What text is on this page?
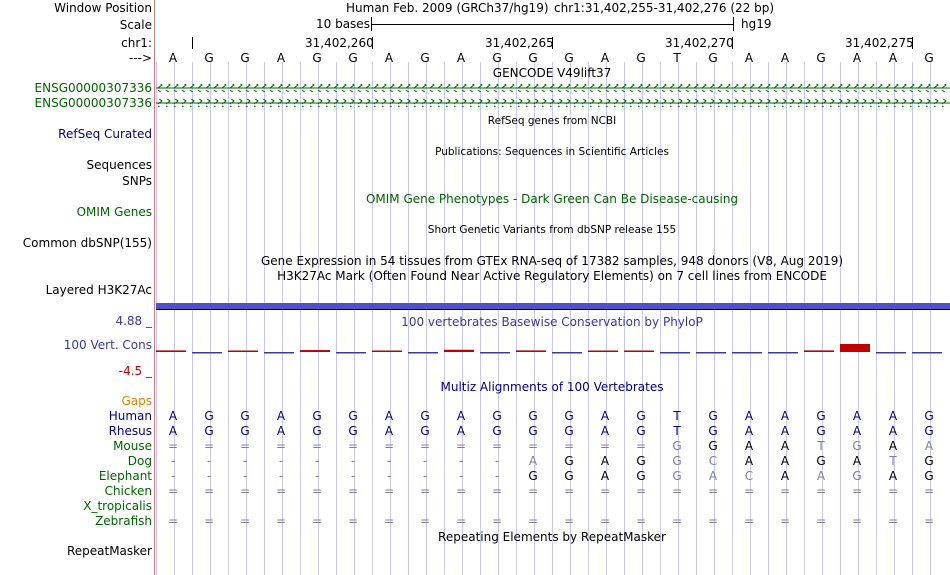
Window Position
Scale
chr1:
--->
ENSG00000307336
ENSG00000307336
RefSeq Curated
Sequences
SNPs
OMIM Genes
Common dbSNP(155)
Layered H3K27Ac
4.88 _
100 Vert. Cons
-4.5 _
Gaps
Human
Rhesus
Mouse
Dog
Elephant
Chicken
X_tropicalis
Zebrafish
RepeatMasker
Human Feb. 2009 (GRCh37/hg19) chr1:31,402,255-31,402,276 (22 bp)
10 bases	hg19
31,402,260	31,402,265	31,402,270	31,402,275
A G G A G G A G A G G G A G T G A A G A A G
GENCODE V49lift37
RefSeq genes from NCBI
Publications: Sequences in Scientific Articles
OMIM Gene Phenotypes - Dark Green Can Be Disease-causing
Short Genetic Variants from dbSNP release 155
Gene Expression in 54 tissues from GTEx RNA-seq of 17382 samples, 948 donors (V8, Aug 2019)
H3K27Ac Mark (Often Found Near Active Regulatory Elements) on 7 cell lines from ENCODE
100 vertebrates Basewise Conservation by PhyloP
Multiz Alignments of 100 Vertebrates
A G G A G G A G A G G G A G T G A A G A A G
A G G A G G A G A G G G A G T G A A G A A G
= = = = = = = = = = = = = = G G A A T G A A
-	-	-	-	-	-	-	-	-	- A G A G G C A A G A T G
-	-	-	-	-	-	-	-	-	- G G A G G A C A A G A G
= = = = = = = = = = = = = = = = = = = = = =
= = = = = = = = = = = = = = = = = = = = = =
Repeating Elements by RepeatMasker
